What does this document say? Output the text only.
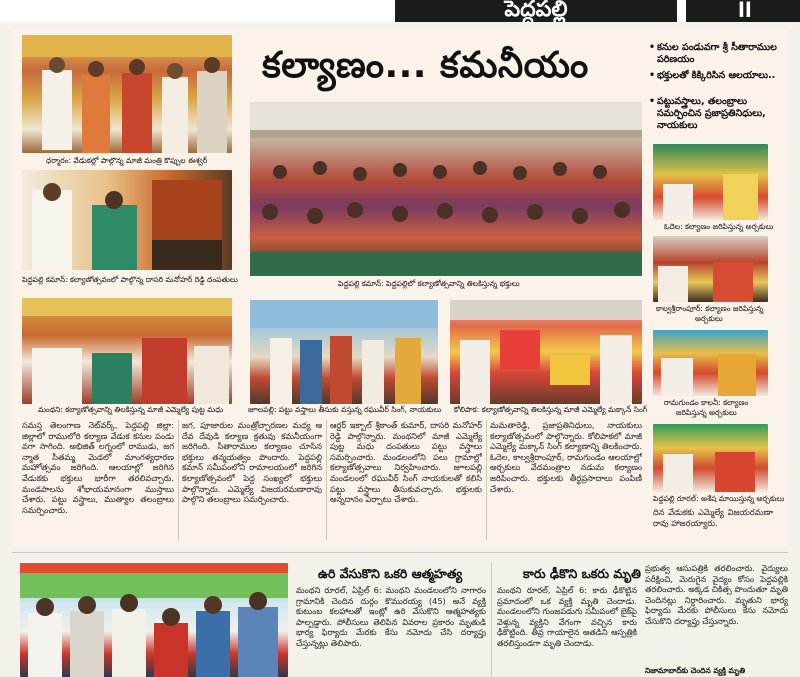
పెద్దపల్లి	ll
ధర్మారం: వేడుకల్లో పాల్గొన్న మాజీ మంత్రి కొప్పుల ఈశ్వర్
కల్యాణం... కమనీయం	• కనుల పండువగా శ్రీ సీతారాముల పరిణయం
• భక్తులతో కిక్కిరిసిన ఆలయాలు..
• పట్టువస్త్రాలు, తలంబ్రాలు సమర్పించిన ప్రజాప్రతినిధులు, నాయకులు
పెద్దపల్లి కమాన్: కల్యాణోత్సవంలో పాల్గొన్న దాసరి మనోహర్ రెడ్డి దంపతులు	పెద్దపల్లి కమాన్: పెద్దపల్లిలో కల్యాణోత్సవాన్ని తిలకిస్తున్న భక్తులు
మంథని: కల్యాణోత్సవాన్ని తిలకిస్తున్న మాజీ ఎమ్మెల్యే పుట్ట మధు	జూలపల్లి: పట్టు వస్త్రాలు తీసుకు వస్తున్న రఘువీర్ సింగ్, నాయకులు కోలిపాక: కల్యాణోత్సవాన్ని తిలకిస్తున్న మాజీ ఎమ్మెల్యే మక్కాన్ సింగ్
ఓదెల: కల్యాణం జరిపిస్తున్న అర్చకులు
కాల్వశ్రీరాంపూర్: కల్యాణం జరిపిస్తున్న
అర్చకులు
రామగుండం కాలనీ: కల్యాణం
జరిపిస్తున్న అర్చకులు
పెద్దపల్లి రూరల్: అశేష మాయిస్తున్న అర్చకులు
దిన వేడుకకు ఎమ్మెల్యే విజయరమణా రావు హాజరయ్యారు.
సమస్త తెలంగాణ నెట్‌వర్క్, పెద్దపల్లి జిల్లా: జిల్లాలో రాములోరి కల్యాణ వేడుక కనుల పండు వగా సాగింది. అభిజిత్ లగ్నంలో రాముడు, జగ న్మాత సీతమ్మ మెడలో మాంగళ్యధారణ మహోత్సవం జరిగింది. ఆలయాల్లో జరిగిన వేడుకకు భక్తులు భారీగా తరలివచ్చారు. మండపాలను శోభాయమానంగా ముస్తాబు చేశారు. పట్టు వస్త్రాలు, ముత్యాల తలంబ్రాలు సమర్పించారు.
జగ, పూజారుల మంత్రోచ్ఛారణల మధ్య ఆ దేవ దేవుడి కల్యాణ క్రతువు కమనీయంగా జరిగింది. సీతారాముల కల్యాణం చూసిన భక్తులు తన్మయత్వం పొందారు. పెద్దపల్లి కమాన్ సమీపంలోని రామాలయంలో జరిగిన కల్యాణోత్సవంలో పెద్ద సంఖ్యలో భక్తులు పాల్గొన్నారు. ఎమ్మెల్యే విజయరమణారావు పాల్గొని తలంబ్రాలు సమర్పించారు.
ఆర్డర్ ఇక్బాల్ శ్రీకాంత్ కుమార్, దాసరి మనోహర్ రెడ్డి పాల్గొన్నారు. మంథనిలో మాజీ ఎమ్మెల్యే పుట్ట మధు దంపతులు పట్టు వస్త్రాలు సమర్పించారు. మండలంలోని పలు గ్రామాల్లో కల్యాణోత్సవాలు నిర్వహించారు. జూలపల్లి మండలంలో రఘువీర్ సింగ్ నాయకులతో కలిసి పట్టు వస్త్రాలు తీసుకువచ్చారు. భక్తులకు అన్నదానం ఏర్పాటు చేశారు.
మమతారెడ్డి, ప్రజాప్రతినిధులు, నాయకులు కల్యాణోత్సవంలో పాల్గొన్నారు. కోలిపాకలో మాజీ ఎమ్మెల్యే మక్కాన్ సింగ్ కల్యాణాన్ని తిలకించారు. ఓదెల, కాల్వశ్రీరాంపూర్, రామగుండం ఆలయాల్లో అర్చకులు వేదమంత్రాల నడుమ కల్యాణం జరిపించారు. భక్తులకు తీర్థప్రసాదాలు పంపిణీ చేశారు.
ఉరి వేసుకొని ఒకరి ఆత్మహత్య
మంథని రూరల్, ఏప్రిల్ 6: మంథని మండలంలోని నాగారం గ్రామానికి చెందిన దుర్గం కొమురయ్య (45) అనే వ్యక్తి కుటుంబ కలహాలతో ఇంట్లో ఉరి వేసుకొని ఆత్మహత్యకు పాల్పడ్డారు. పోలీసులు తెలిపిన వివరాల ప్రకారం మృతుడి భార్య ఫిర్యాదు మేరకు కేసు నమోదు చేసి దర్యాప్తు చేస్తున్నట్లు తెలిపారు.
కారు ఢీకొని ఒకరు మృతి
మంథని రూరల్, ఏప్రిల్ 6: కారు ఢీకొట్టిన ప్రమాదంలో ఒక వ్యక్తి మృతి చెందాడు. మండలంలోని గుంజపడుగు సమీపంలో బైక్‌పై వెళ్తున్న వ్యక్తిని వేగంగా వచ్చిన కారు ఢీకొట్టింది. తీవ్ర గాయాలైన అతడిని ఆస్పత్రికి తరలిస్తుండగా మృతి చెందాడు.
ప్రభుత్వ ఆసుపత్రికి తరలించారు. వైద్యులు పరీక్షించి, మెరుగైన వైద్యం కోసం పెద్దపల్లికి తరలించారు. అక్కడ చికిత్స పొందుతూ మృతి చెందినట్లు నిర్ధారించారు. మృతుని భార్య ఫిర్యాదు మేరకు పోలీసులు కేసు నమోదు చేసుకొని దర్యాప్తు చేస్తున్నారు.
నిజామాబాద్‌కు చెందిన వ్యక్తి మృతి
